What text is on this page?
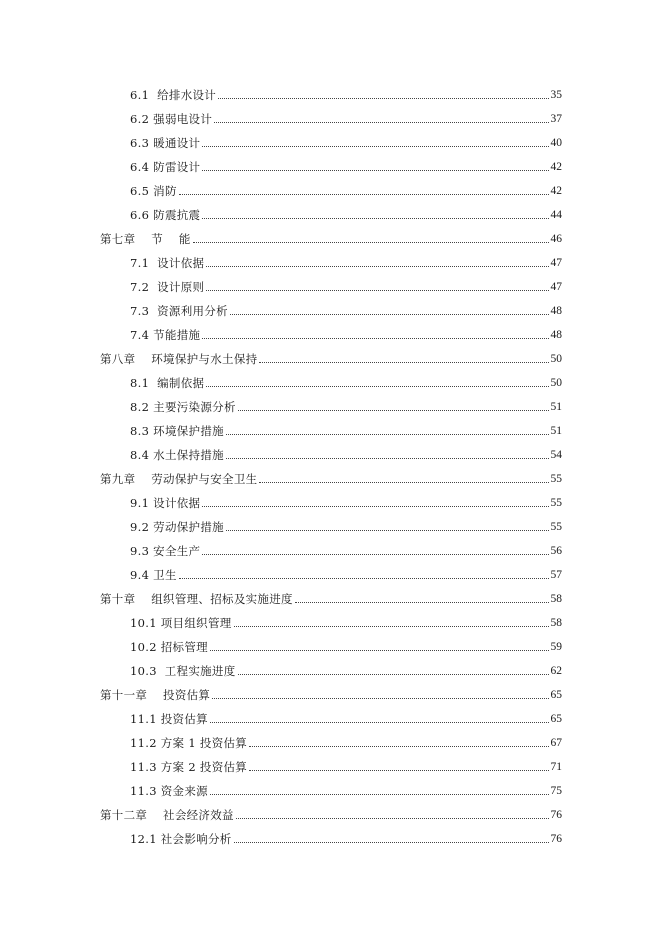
6.1  给排水设计	35
6.2 强弱电设计	37
6.3 暖通设计	40
6.4 防雷设计	42
6.5 消防	42
6.6 防震抗震	44
第七章    节    能	46
7.1  设计依据	47
7.2  设计原则	47
7.3  资源利用分析	48
7.4 节能措施	48
第八章    环境保护与水土保持	50
8.1  编制依据	50
8.2 主要污染源分析	51
8.3 环境保护措施	51
8.4 水土保持措施	54
第九章    劳动保护与安全卫生	55
9.1 设计依据	55
9.2 劳动保护措施	55
9.3 安全生产	56
9.4 卫生	57
第十章    组织管理、招标及实施进度	58
10.1 项目组织管理	58
10.2 招标管理	59
10.3  工程实施进度	62
第十一章    投资估算	65
11.1 投资估算	65
11.2 方案 1 投资估算	67
11.3 方案 2 投资估算	71
11.3 资金来源	75
第十二章    社会经济效益	76
12.1 社会影响分析	76
